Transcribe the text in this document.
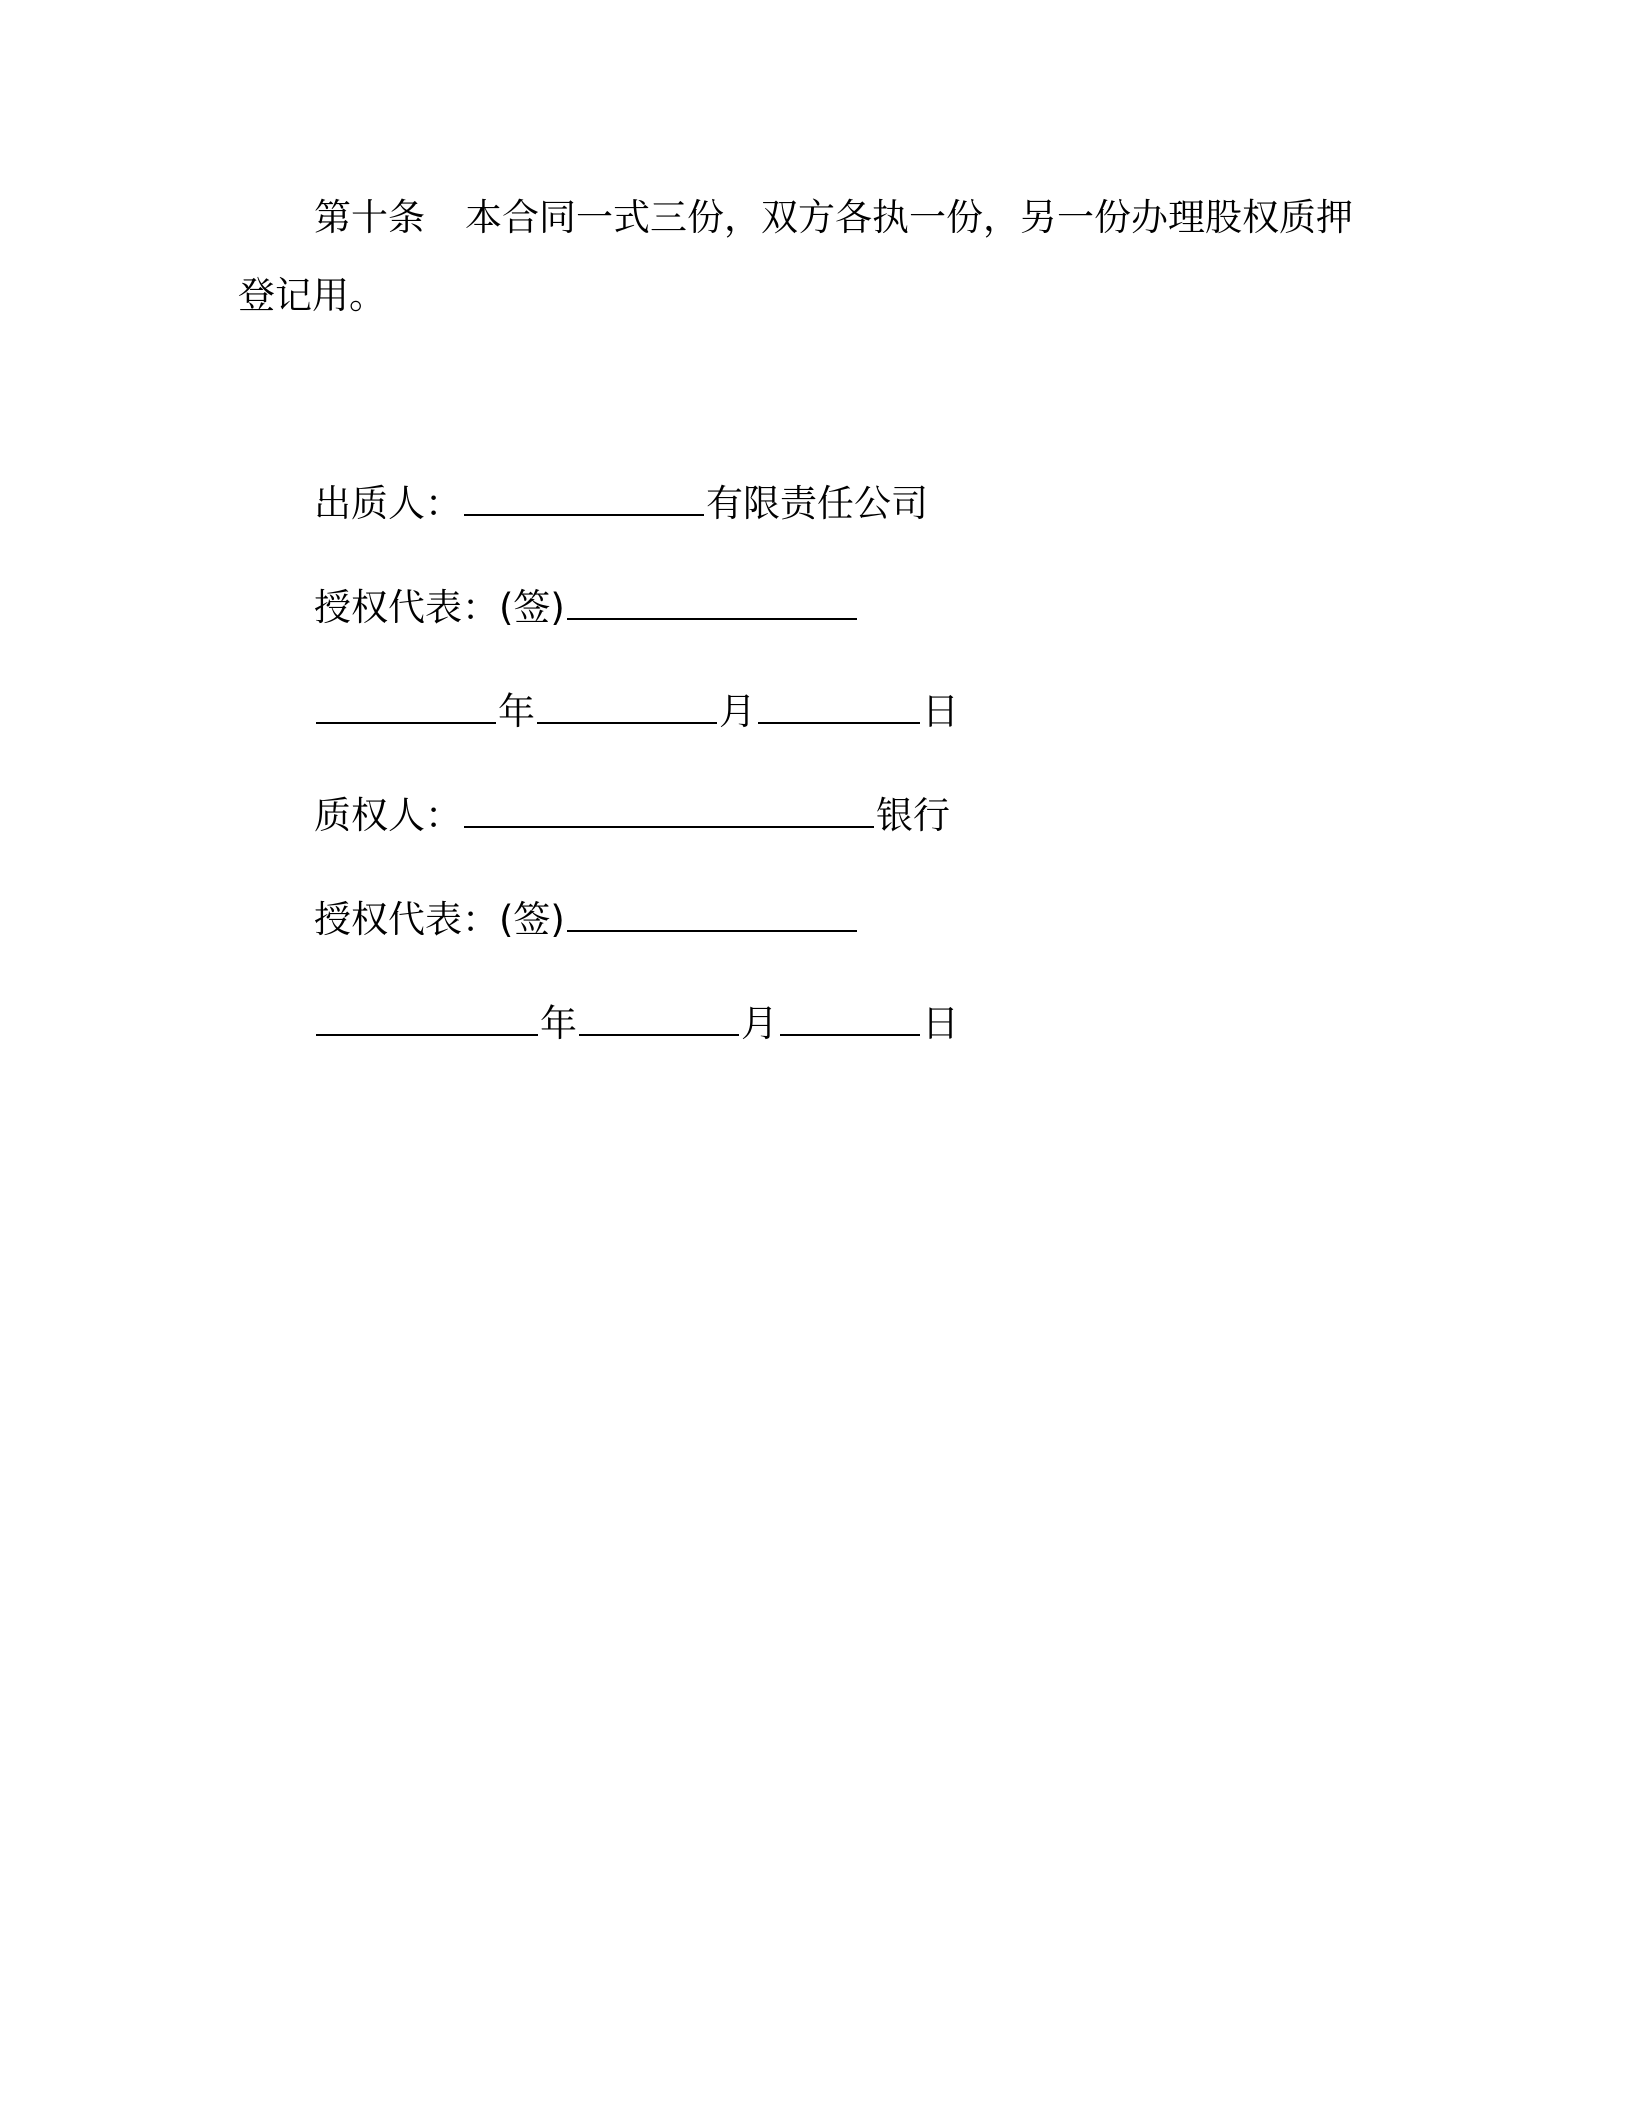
第十条 本合同一式三份，双方各执一份，另一份办理股权质押
登记用。
出质人：	有限责任公司
授权代表：(签)
年	月	日
质权人：	银行
授权代表：(签)
年	月	日
